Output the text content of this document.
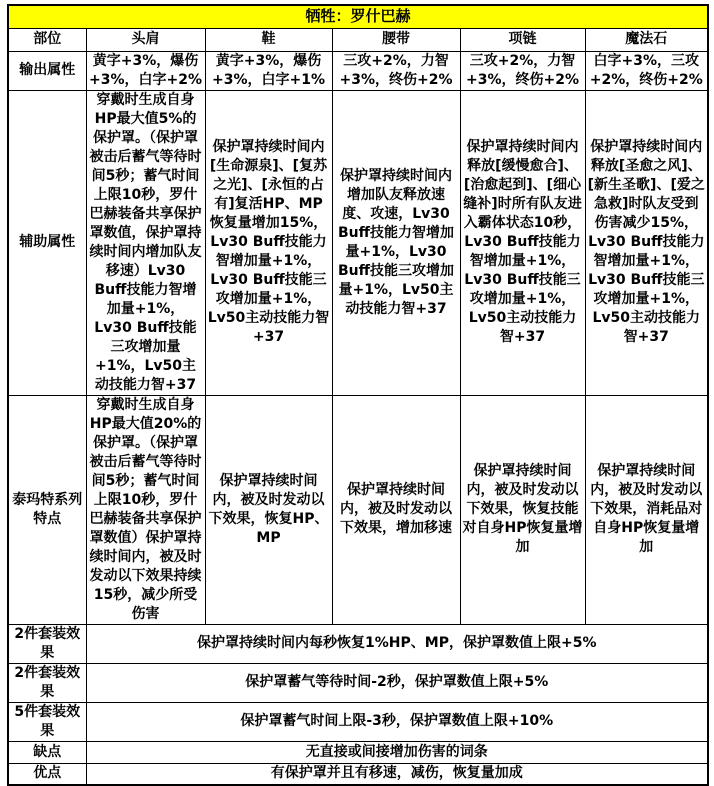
牺牲：罗什巴赫					
部位	头肩	鞋	腰带	项链	魔法石
输出属性	黄字+3%，爆伤+3%，白字+2%	黄字+3%，爆伤+3%，白字+1%	三攻+2%，力智+3%，终伤+2%	三攻+2%，力智+3%，终伤+2%	白字+3%，三攻+2%，终伤+2%
辅助属性	穿戴时生成自身HP最大值5%的保护罩。（保护罩被击后蓄气等待时间5秒；蓄气时间上限10秒，罗什巴赫装备共享保护罩数值，保护罩持续时间内增加队友移速）Lv30 Buff技能力智增加量+1%，Lv30 Buff技能三攻增加量+1%，Lv50主动技能力智+37	保护罩持续时间内[生命源泉]、[复苏之光]、[永恒的占有]复活HP、MP恢复量增加15%，Lv30 Buff技能力智增加量+1%，Lv30 Buff技能三攻增加量+1%，Lv50主动技能力智+37	保护罩持续时间内增加队友释放速度、攻速，Lv30 Buff技能力智增加量+1%，Lv30 Buff技能三攻增加量+1%，Lv50主动技能力智+37	保护罩持续时间内释放[缓慢愈合]、[治愈起到]、[细心缝补]时所有队友进入霸体状态10秒，Lv30 Buff技能力智增加量+1%，Lv30 Buff技能三攻增加量+1%，Lv50主动技能力智+37	保护罩持续时间内释放[圣愈之风]、[新生圣歌]、[爱之急救]时队友受到伤害减少15%，Lv30 Buff技能力智增加量+1%，Lv30 Buff技能三攻增加量+1%，Lv50主动技能力智+37
泰玛特系列特点	穿戴时生成自身HP最大值20%的保护罩。（保护罩被击后蓄气等待时间5秒；蓄气时间上限10秒，罗什巴赫装备共享保护罩数值）保护罩持续时间内，被及时发动以下效果持续15秒，减少所受伤害	保护罩持续时间内，被及时发动以下效果，恢复HP、MP	保护罩持续时间内，被及时发动以下效果，增加移速	保护罩持续时间内，被及时发动以下效果，恢复技能对自身HP恢复量增加	保护罩持续时间内，被及时发动以下效果，消耗品对自身HP恢复量增加
2件套装效果	保护罩持续时间内每秒恢复1%HP、MP，保护罩数值上限+5%				
2件套装效果	保护罩蓄气等待时间-2秒，保护罩数值上限+5%				
5件套装效果	保护罩蓄气时间上限-3秒，保护罩数值上限+10%				
缺点	无直接或间接增加伤害的词条				
优点	有保护罩并且有移速，减伤，恢复量加成				
